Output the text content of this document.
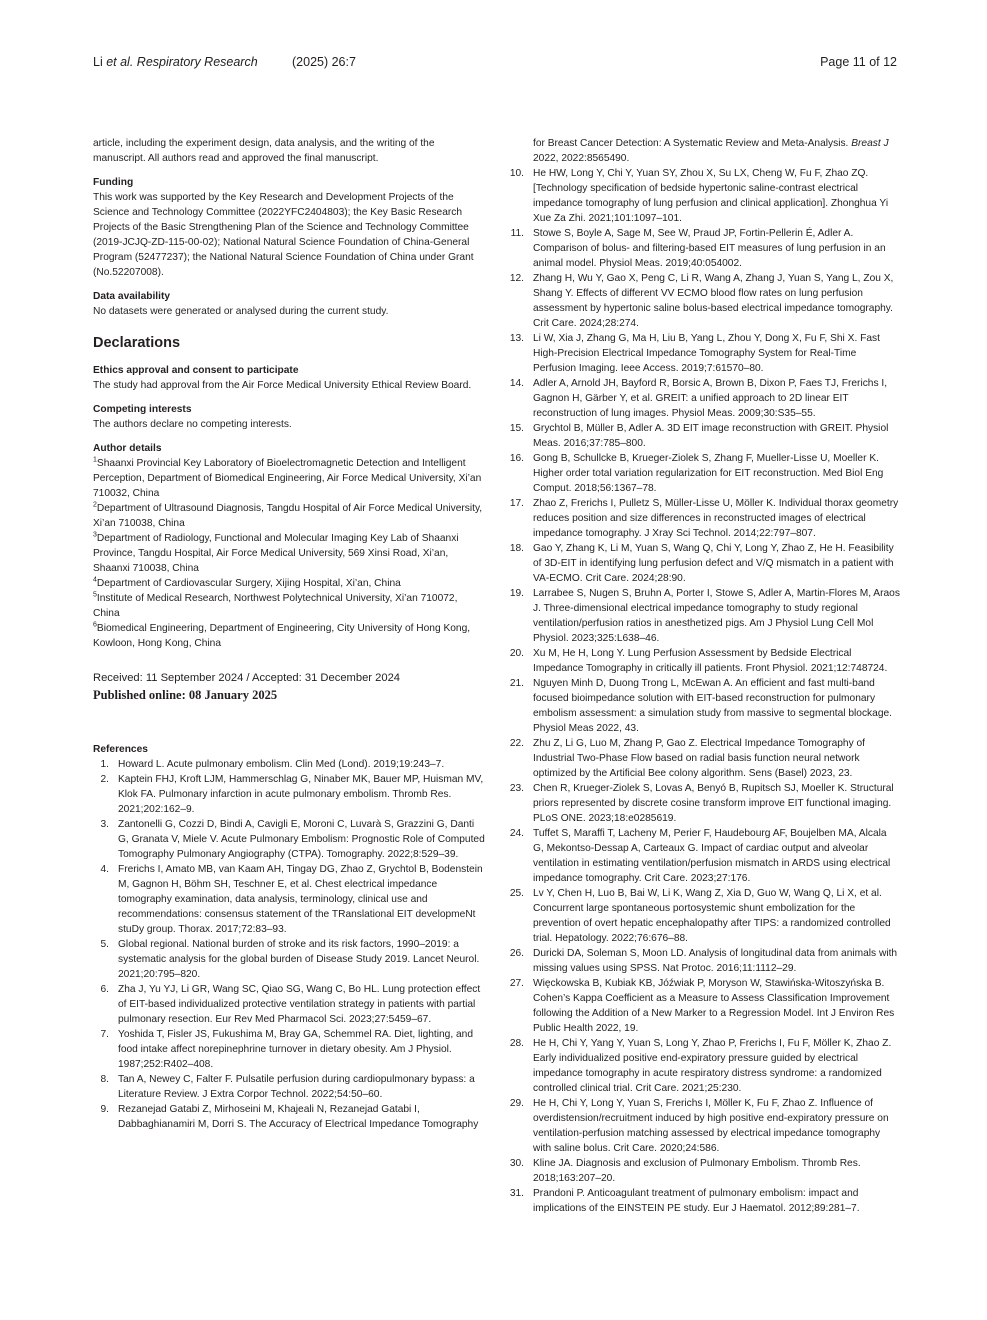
Li et al. Respiratory Research	(2025) 26:7	Page 11 of 12

article, including the experiment design, data analysis, and the writing of the manuscript. All authors read and approved the final manuscript.

Funding

This work was supported by the Key Research and Development Projects of the Science and Technology Committee (2022YFC2404803); the Key Basic Research Projects of the Basic Strengthening Plan of the Science and Technology Committee (2019-JCJQ-ZD-115-00-02); National Natural Science Foundation of China-General Program (52477237); the National Natural Science Foundation of China under Grant (No.52207008).

Data availability

No datasets were generated or analysed during the current study.

Declarations

Ethics approval and consent to participate

The study had approval from the Air Force Medical University Ethical Review Board.

Competing interests

The authors declare no competing interests.

Author details

$^1$Shaanxi Provincial Key Laboratory of Bioelectromagnetic Detection and Intelligent Perception, Department of Biomedical Engineering, Air Force Medical University, Xi’an 710032, China

$^2$Department of Ultrasound Diagnosis, Tangdu Hospital of Air Force Medical University, Xi’an 710038, China

$^3$Department of Radiology, Functional and Molecular Imaging Key Lab of Shaanxi Province, Tangdu Hospital, Air Force Medical University, 569 Xinsi Road, Xi’an, Shaanxi 710038, China

$^4$Department of Cardiovascular Surgery, Xijing Hospital, Xi’an, China

$^5$Institute of Medical Research, Northwest Polytechnical University, Xi’an 710072, China

$^6$Biomedical Engineering, Department of Engineering, City University of Hong Kong, Kowloon, Hong Kong, China

Received: 11 September 2024 / Accepted: 31 December 2024

Published online: 08 January 2025

References

1. Howard L. Acute pulmonary embolism. Clin Med (Lond). 2019;19:243–7.
2. Kaptein FHJ, Kroft LJM, Hammerschlag G, Ninaber MK, Bauer MP, Huisman MV, Klok FA. Pulmonary infarction in acute pulmonary embolism. Thromb Res. 2021;202:162–9.
3. Zantonelli G, Cozzi D, Bindi A, Cavigli E, Moroni C, Luvarà S, Grazzini G, Danti G, Granata V, Miele V. Acute Pulmonary Embolism: Prognostic Role of Computed Tomography Pulmonary Angiography (CTPA). Tomography. 2022;8:529–39.
4. Frerichs I, Amato MB, van Kaam AH, Tingay DG, Zhao Z, Grychtol B, Bodenstein M, Gagnon H, Böhm SH, Teschner E, et al. Chest electrical impedance tomography examination, data analysis, terminology, clinical use and recommendations: consensus statement of the TRanslational EIT developmeNt stuDy group. Thorax. 2017;72:83–93.
5. Global regional. National burden of stroke and its risk factors, 1990–2019: a systematic analysis for the global burden of Disease Study 2019. Lancet Neurol. 2021;20:795–820.
6. Zha J, Yu YJ, Li GR, Wang SC, Qiao SG, Wang C, Bo HL. Lung protection effect of EIT-based individualized protective ventilation strategy in patients with partial pulmonary resection. Eur Rev Med Pharmacol Sci. 2023;27:5459–67.
7. Yoshida T, Fisler JS, Fukushima M, Bray GA, Schemmel RA. Diet, lighting, and food intake affect norepinephrine turnover in dietary obesity. Am J Physiol. 1987;252:R402–408.
8. Tan A, Newey C, Falter F. Pulsatile perfusion during cardiopulmonary bypass: a Literature Review. J Extra Corpor Technol. 2022;54:50–60.
9. Rezanejad Gatabi Z, Mirhoseini M, Khajeali N, Rezanejad Gatabi I, Dabbaghianamiri M, Dorri S. The Accuracy of Electrical Impedance Tomography

for Breast Cancer Detection: A Systematic Review and Meta-Analysis. Breast J 2022, 2022:8565490.

10. He HW, Long Y, Chi Y, Yuan SY, Zhou X, Su LX, Cheng W, Fu F, Zhao ZQ. [Technology specification of bedside hypertonic saline-contrast electrical impedance tomography of lung perfusion and clinical application]. Zhonghua Yi Xue Za Zhi. 2021;101:1097–101.
11. Stowe S, Boyle A, Sage M, See W, Praud JP, Fortin-Pellerin É, Adler A. Comparison of bolus- and filtering-based EIT measures of lung perfusion in an animal model. Physiol Meas. 2019;40:054002.
12. Zhang H, Wu Y, Gao X, Peng C, Li R, Wang A, Zhang J, Yuan S, Yang L, Zou X, Shang Y. Effects of different VV ECMO blood flow rates on lung perfusion assessment by hypertonic saline bolus-based electrical impedance tomography. Crit Care. 2024;28:274.
13. Li W, Xia J, Zhang G, Ma H, Liu B, Yang L, Zhou Y, Dong X, Fu F, Shi X. Fast High-Precision Electrical Impedance Tomography System for Real-Time Perfusion Imaging. Ieee Access. 2019;7:61570–80.
14. Adler A, Arnold JH, Bayford R, Borsic A, Brown B, Dixon P, Faes TJ, Frerichs I, Gagnon H, Gärber Y, et al. GREIT: a unified approach to 2D linear EIT reconstruction of lung images. Physiol Meas. 2009;30:S35–55.
15. Grychtol B, Müller B, Adler A. 3D EIT image reconstruction with GREIT. Physiol Meas. 2016;37:785–800.
16. Gong B, Schullcke B, Krueger-Ziolek S, Zhang F, Mueller-Lisse U, Moeller K. Higher order total variation regularization for EIT reconstruction. Med Biol Eng Comput. 2018;56:1367–78.
17. Zhao Z, Frerichs I, Pulletz S, Müller-Lisse U, Möller K. Individual thorax geometry reduces position and size differences in reconstructed images of electrical impedance tomography. J Xray Sci Technol. 2014;22:797–807.
18. Gao Y, Zhang K, Li M, Yuan S, Wang Q, Chi Y, Long Y, Zhao Z, He H. Feasibility of 3D-EIT in identifying lung perfusion defect and V/Q mismatch in a patient with VA-ECMO. Crit Care. 2024;28:90.
19. Larrabee S, Nugen S, Bruhn A, Porter I, Stowe S, Adler A, Martin-Flores M, Araos J. Three-dimensional electrical impedance tomography to study regional ventilation/perfusion ratios in anesthetized pigs. Am J Physiol Lung Cell Mol Physiol. 2023;325:L638–46.
20. Xu M, He H, Long Y. Lung Perfusion Assessment by Bedside Electrical Impedance Tomography in critically ill patients. Front Physiol. 2021;12:748724.
21. Nguyen Minh D, Duong Trong L, McEwan A. An efficient and fast multi-band focused bioimpedance solution with EIT-based reconstruction for pulmonary embolism assessment: a simulation study from massive to segmental blockage. Physiol Meas 2022, 43.
22. Zhu Z, Li G, Luo M, Zhang P, Gao Z. Electrical Impedance Tomography of Industrial Two-Phase Flow based on radial basis function neural network optimized by the Artificial Bee colony algorithm. Sens (Basel) 2023, 23.
23. Chen R, Krueger-Ziolek S, Lovas A, Benyó B, Rupitsch SJ, Moeller K. Structural priors represented by discrete cosine transform improve EIT functional imaging. PLoS ONE. 2023;18:e0285619.
24. Tuffet S, Maraffi T, Lacheny M, Perier F, Haudebourg AF, Boujelben MA, Alcala G, Mekontso-Dessap A, Carteaux G. Impact of cardiac output and alveolar ventilation in estimating ventilation/perfusion mismatch in ARDS using electrical impedance tomography. Crit Care. 2023;27:176.
25. Lv Y, Chen H, Luo B, Bai W, Li K, Wang Z, Xia D, Guo W, Wang Q, Li X, et al. Concurrent large spontaneous portosystemic shunt embolization for the prevention of overt hepatic encephalopathy after TIPS: a randomized controlled trial. Hepatology. 2022;76:676–88.
26. Duricki DA, Soleman S, Moon LD. Analysis of longitudinal data from animals with missing values using SPSS. Nat Protoc. 2016;11:1112–29.
27. Więckowska B, Kubiak KB, Jóźwiak P, Moryson W, Stawińska-Witoszyńska B. Cohen’s Kappa Coefficient as a Measure to Assess Classification Improvement following the Addition of a New Marker to a Regression Model. Int J Environ Res Public Health 2022, 19.
28. He H, Chi Y, Yang Y, Yuan S, Long Y, Zhao P, Frerichs I, Fu F, Möller K, Zhao Z. Early individualized positive end-expiratory pressure guided by electrical impedance tomography in acute respiratory distress syndrome: a randomized controlled clinical trial. Crit Care. 2021;25:230.
29. He H, Chi Y, Long Y, Yuan S, Frerichs I, Möller K, Fu F, Zhao Z. Influence of overdistension/recruitment induced by high positive end-expiratory pressure on ventilation-perfusion matching assessed by electrical impedance tomography with saline bolus. Crit Care. 2020;24:586.
30. Kline JA. Diagnosis and exclusion of Pulmonary Embolism. Thromb Res. 2018;163:207–20.
31. Prandoni P. Anticoagulant treatment of pulmonary embolism: impact and implications of the EINSTEIN PE study. Eur J Haematol. 2012;89:281–7.
